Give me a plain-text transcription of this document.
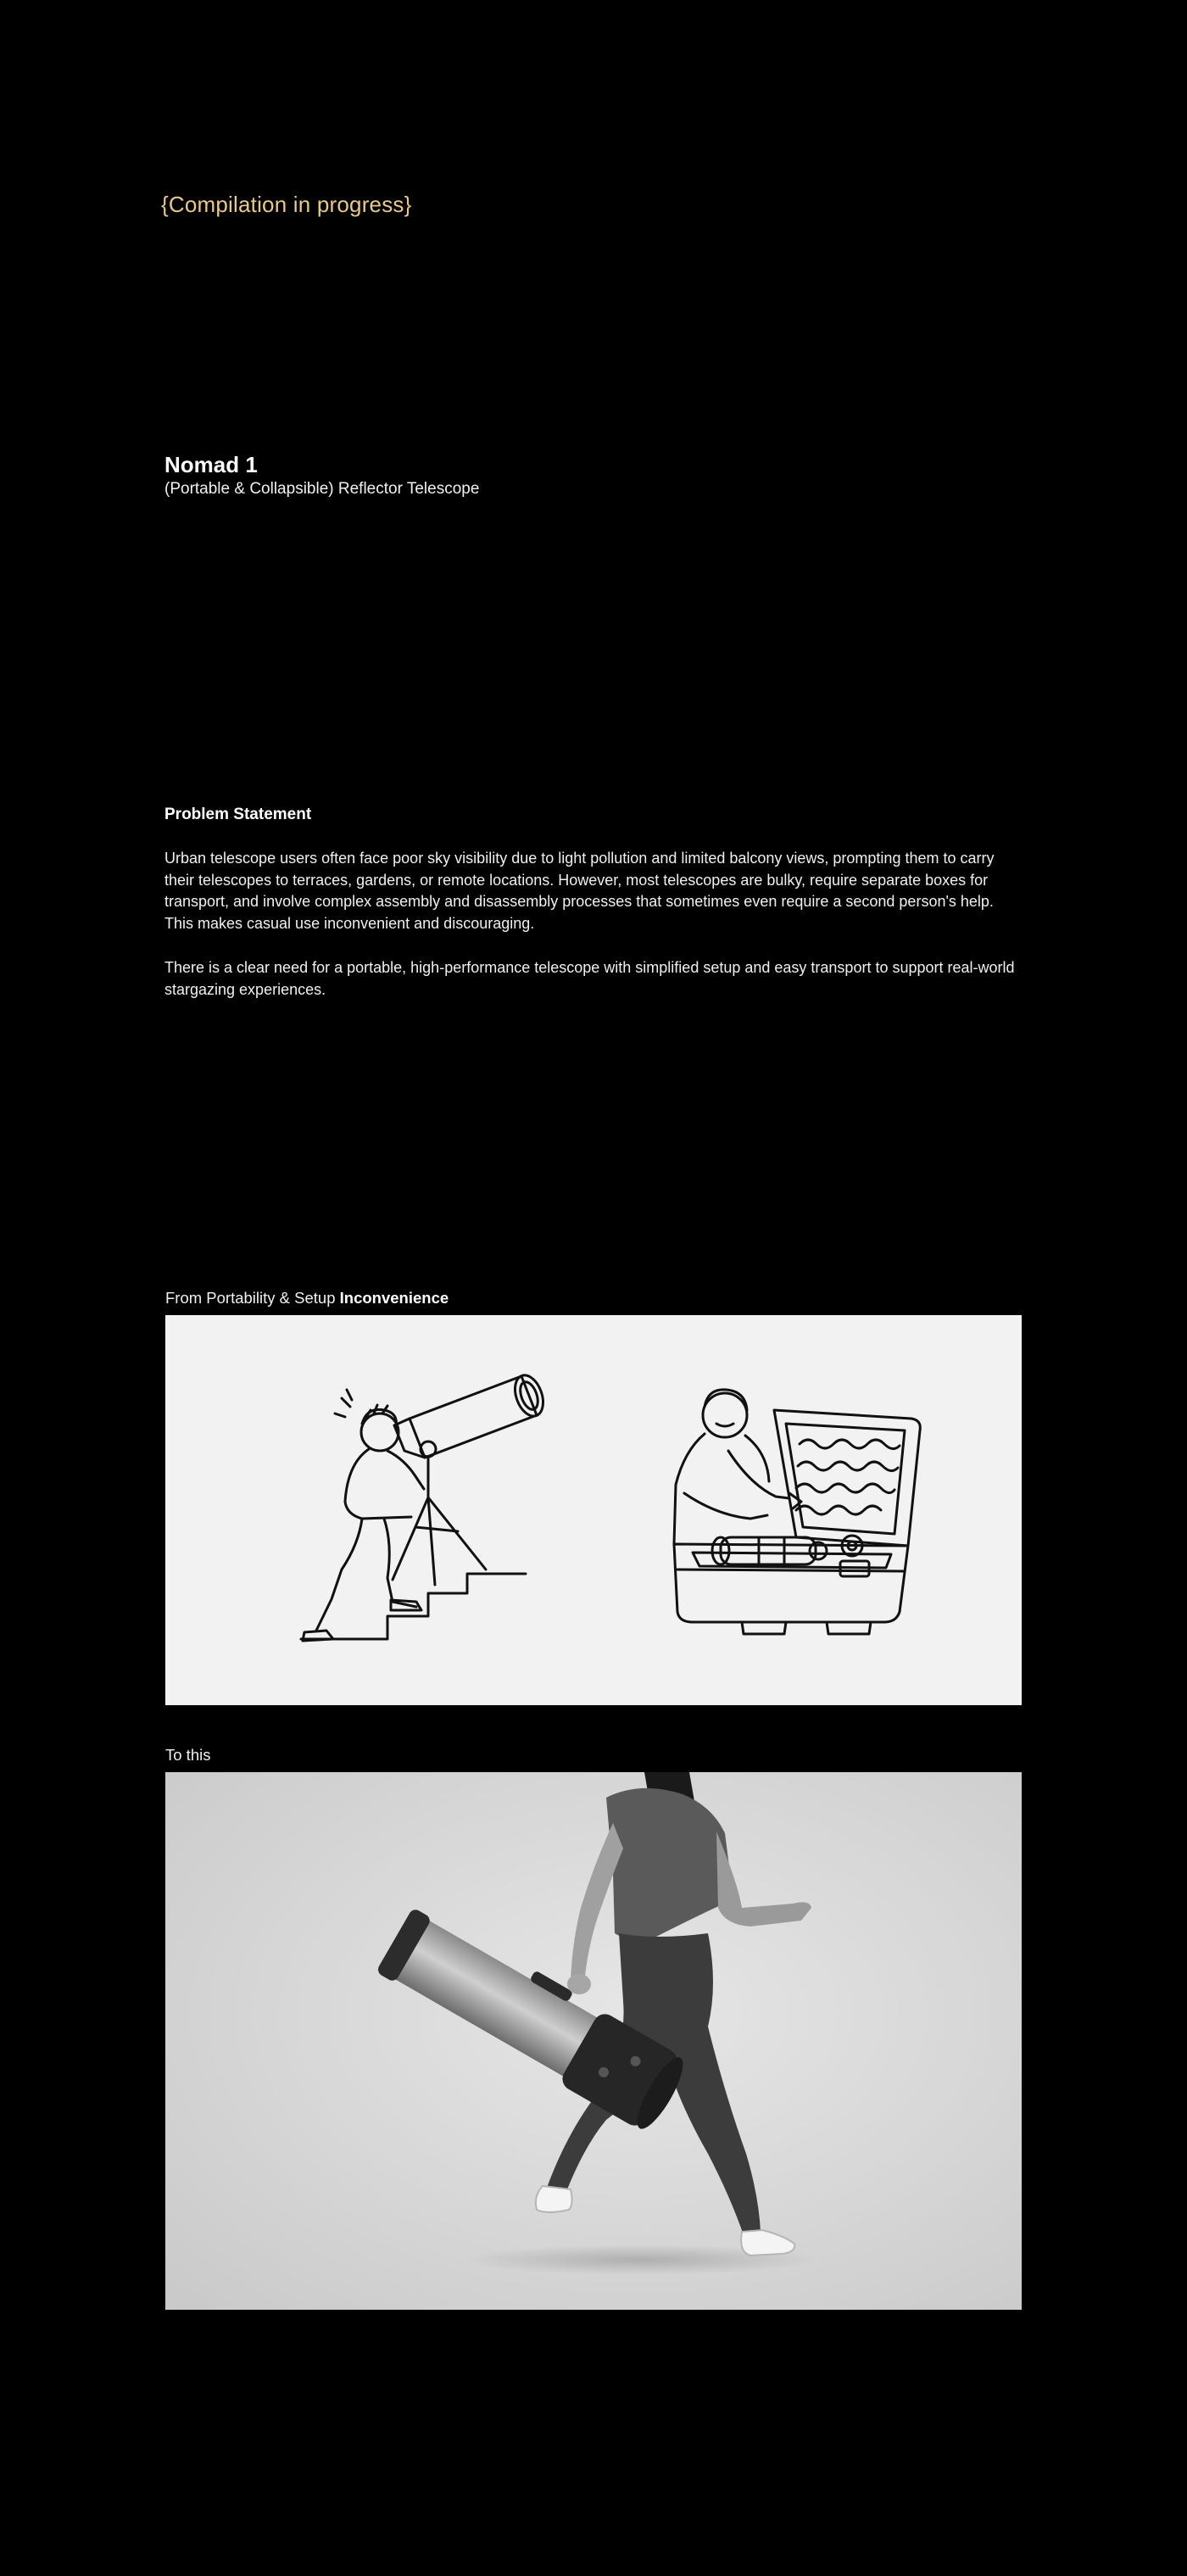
{Compilation in progress}
Nomad 1
(Portable & Collapsible) Reflector Telescope
Problem Statement

Urban telescope users often face poor sky visibility due to light pollution and limited balcony views, prompting them to carry their telescopes to terraces, gardens, or remote locations. However, most telescopes are bulky, require separate boxes for transport, and involve complex assembly and disassembly processes that sometimes even require a second person's help. This makes casual use inconvenient and discouraging.

There is a clear need for a portable, high-performance telescope with simplified setup and easy transport to support real-world stargazing experiences.

From Portability & Setup Inconvenience
To this
